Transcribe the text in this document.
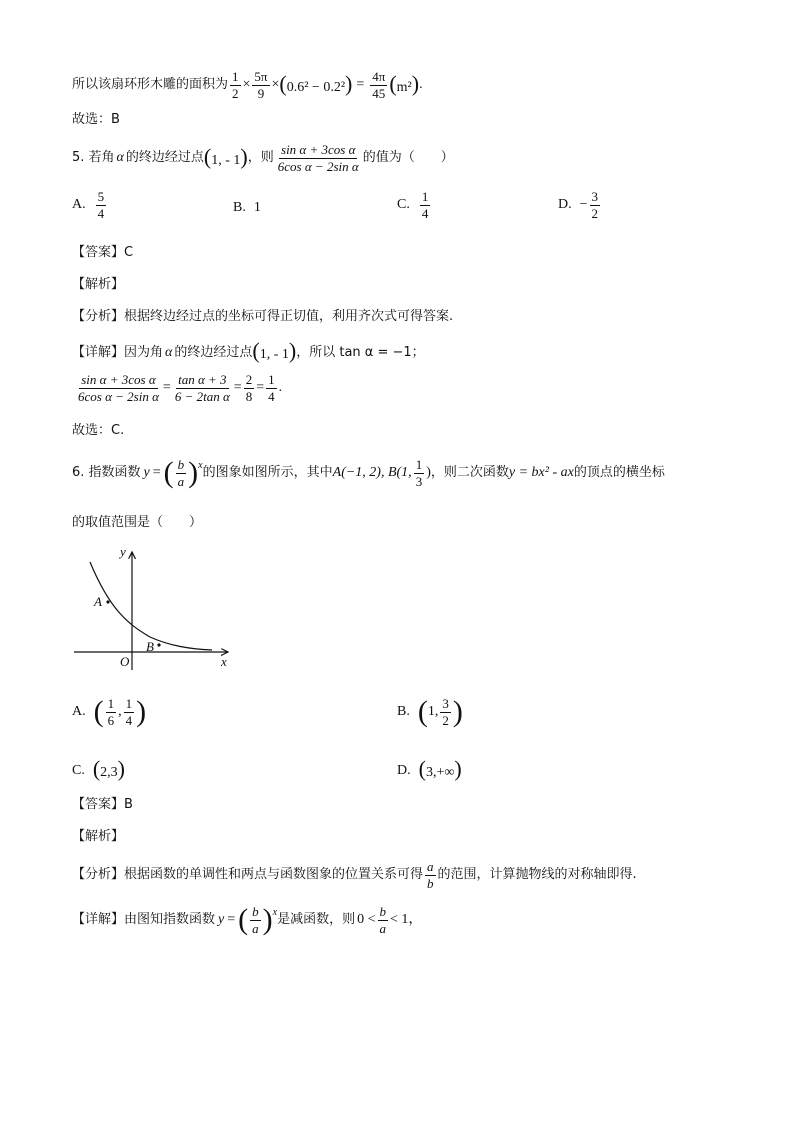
所以该扇环形木雕的面积为 $\frac{1}{2} \times \frac{5\pi}{9} \times (0.6^2 - 0.2^2) = \frac{4\pi}{45} (m^2)$ .
故选：B
5. 若角 α 的终边经过点 (1, - 1) ，则 $\frac{\text{sin α + 3cos α}}{\text{6cos α − 2sin α}}$ 的值为（　　）
A. $\frac{5}{4}$	B. 1	C. $\frac{1}{4}$	D. − $\frac{3}{2}$
【答案】C
【解析】
【分析】根据终边经过点的坐标可得正切值，利用齐次式可得答案.
【详解】因为角 α 的终边经过点 (1, - 1) ，所以 tan α = −1；
$\frac{\text{sin α + 3cos α}}{\text{6cos α − 2sin α}} = \frac{\text{tan α + 3}}{\text{6 − 2tan α}} = \frac{2}{8} = \frac{1}{4}$ .
故选：C.
6. 指数函数 y = ( $\frac{b}{a}$ ) x 的图象如图所示，其中 A(−1, 2), B(1, $\frac{1}{3}$ ) ，则二次函数 y = bx² - ax 的顶点的横坐标
的取值范围是（　　）
y
x
O
A
B
A. ( $\frac{1}{6}$ , $\frac{1}{4}$ )	B. ( 1, $\frac{3}{2}$ )
C. (2,3)	D. (3,+∞)
【答案】B
【解析】
【分析】根据函数的单调性和两点与函数图象的位置关系可得 $\frac{a}{b}$ 的范围，计算抛物线的对称轴即得.
【详解】由图知指数函数 y = ( $\frac{b}{a}$ ) x 是减函数，则 $0 < \frac{b}{a} < 1$，
